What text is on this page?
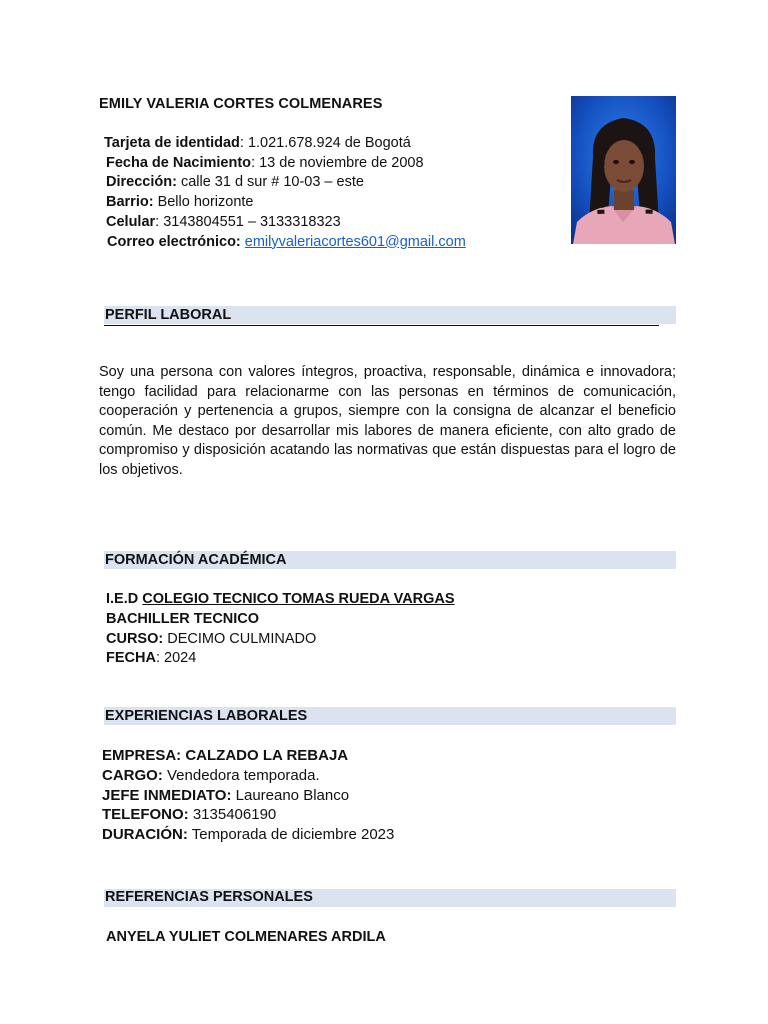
EMILY VALERIA CORTES COLMENARES
Tarjeta de identidad: 1.021.678.924 de Bogotá
Fecha de Nacimiento: 13 de noviembre de 2008
Dirección: calle 31 d sur # 10-03 – este
Barrio: Bello horizonte
Celular: 3143804551 – 3133318323
Correo electrónico: emilyvaleriacortes601@gmail.com
PERFIL LABORAL
Soy una persona con valores íntegros, proactiva, responsable, dinámica e innovadora; tengo facilidad para relacionarme con las personas en términos de comunicación, cooperación y pertenencia a grupos, siempre con la consigna de alcanzar el beneficio común. Me destaco por desarrollar mis labores de manera eficiente, con alto grado de compromiso y disposición acatando las normativas que están dispuestas para el logro de los objetivos.
FORMACIÓN ACADÉMICA
I.E.D COLEGIO TECNICO TOMAS RUEDA VARGAS
BACHILLER TECNICO
CURSO: DECIMO CULMINADO
FECHA: 2024
EXPERIENCIAS LABORALES
EMPRESA: CALZADO LA REBAJA
CARGO: Vendedora temporada.
JEFE INMEDIATO: Laureano Blanco
TELEFONO: 3135406190
DURACIÓN: Temporada de diciembre 2023
REFERENCIAS PERSONALES
ANYELA YULIET COLMENARES ARDILA
